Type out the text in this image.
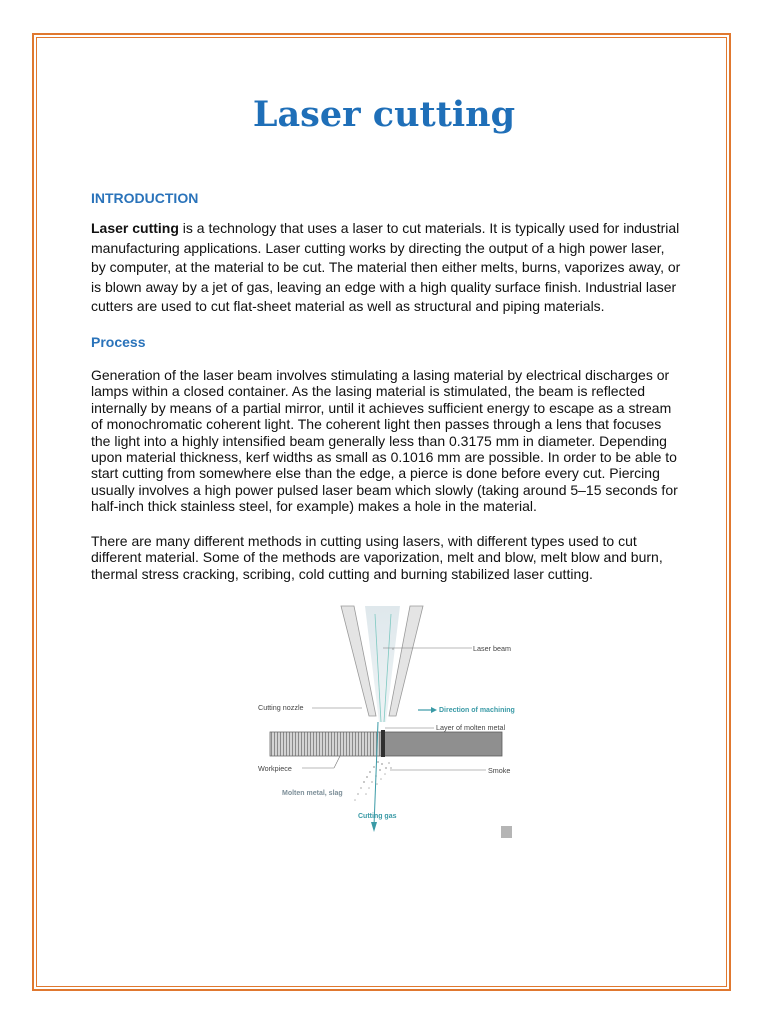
Laser cutting
INTRODUCTION

Laser cutting is a technology that uses a laser to cut materials. It is typically used for industrial manufacturing applications. Laser cutting works by directing the output of a high power laser, by computer, at the material to be cut. The material then either melts, burns, vaporizes away, or is blown away by a jet of gas, leaving an edge with a high quality surface finish. Industrial laser cutters are used to cut flat-sheet material as well as structural and piping materials.

Process

Generation of the laser beam involves stimulating a lasing material by electrical discharges or lamps within a closed container. As the lasing material is stimulated, the beam is reflected internally by means of a partial mirror, until it achieves sufficient energy to escape as a stream of monochromatic coherent light. The coherent light then passes through a lens that focuses the light into a highly intensified beam generally less than 0.3175 mm in diameter. Depending upon material thickness, kerf widths as small as 0.1016 mm are possible. In order to be able to start cutting from somewhere else than the edge, a pierce is done before every cut. Piercing usually involves a high power pulsed laser beam which slowly (taking around 5–15 seconds for half-inch thick stainless steel, for example) makes a hole in the material.

There are many different methods in cutting using lasers, with different types used to cut different material. Some of the methods are vaporization, melt and blow, melt blow and burn, thermal stress cracking, scribing, cold cutting and burning stabilized laser cutting.

Laser beam
Cutting nozzle	Direction of machining
Layer of molten metal
Workpiece	Smoke
Molten metal, slag
Cutting gas
